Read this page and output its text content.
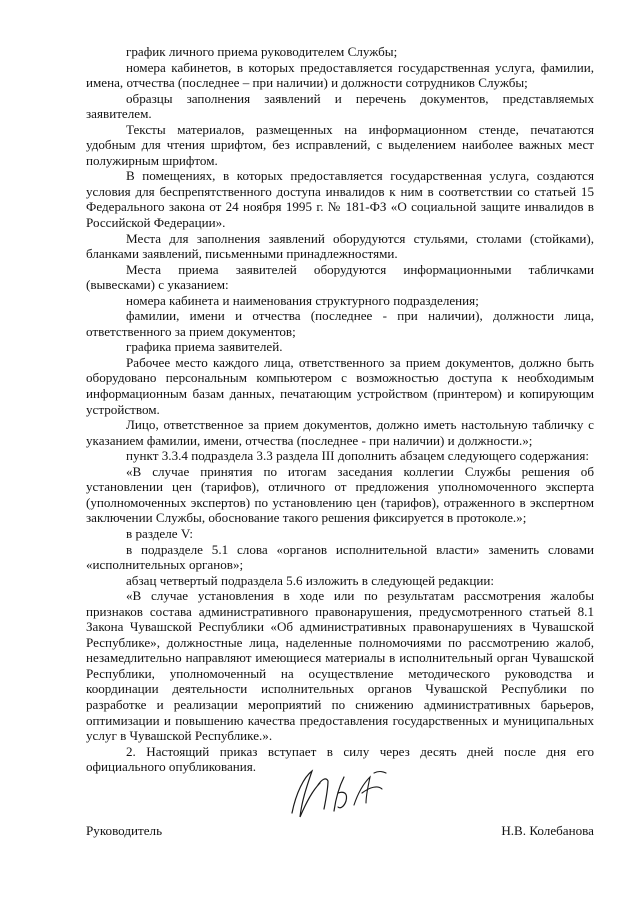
график личного приема руководителем Службы;

номера кабинетов, в которых предоставляется государственная услуга, фамилии, имена, отчества (последнее – при наличии) и должности сотрудников Службы;

образцы заполнения заявлений и перечень документов, представляемых заявителем.

Тексты материалов, размещенных на информационном стенде, печатаются удобным для чтения шрифтом, без исправлений, с выделением наиболее важных мест полужирным шрифтом.

В помещениях, в которых предоставляется государственная услуга, создаются условия для беспрепятственного доступа инвалидов к ним в соответствии со статьей 15 Федерального закона от 24 ноября 1995 г. № 181-ФЗ «О социальной защите инвалидов в Российской Федерации».

Места для заполнения заявлений оборудуются стульями, столами (стойками), бланками заявлений, письменными принадлежностями.

Места приема заявителей оборудуются информационными табличками (вывесками) с указанием:

номера кабинета и наименования структурного подразделения;

фамилии, имени и отчества (последнее - при наличии), должности лица, ответственного за прием документов;

графика приема заявителей.

Рабочее место каждого лица, ответственного за прием документов, должно быть оборудовано персональным компьютером с возможностью доступа к необходимым информационным базам данных, печатающим устройством (принтером) и копирующим устройством.

Лицо, ответственное за прием документов, должно иметь настольную табличку с указанием фамилии, имени, отчества (последнее - при наличии) и должности.»;

пункт 3.3.4 подраздела 3.3 раздела III дополнить абзацем следующего содержания:

«В случае принятия по итогам заседания коллегии Службы решения об установлении цен (тарифов), отличного от предложения уполномоченного эксперта (уполномоченных экспертов) по установлению цен (тарифов), отраженного в экспертном заключении Службы, обоснование такого решения фиксируется в протоколе.»;

в разделе V:

в подразделе 5.1 слова «органов исполнительной власти» заменить словами «исполнительных органов»;

абзац четвертый подраздела 5.6 изложить в следующей редакции:

«В случае установления в ходе или по результатам рассмотрения жалобы признаков состава административного правонарушения, предусмотренного статьей 8.1 Закона Чувашской Республики «Об административных правонарушениях в Чувашской Республике», должностные лица, наделенные полномочиями по рассмотрению жалоб, незамедлительно направляют имеющиеся материалы в исполнительный орган Чувашской Республики, уполномоченный на осуществление методического руководства и координации деятельности исполнительных органов Чувашской Республики по разработке и реализации мероприятий по снижению административных барьеров, оптимизации и повышению качества предоставления государственных и муниципальных услуг в Чувашской Республике.».

2. Настоящий приказ вступает в силу через десять дней после дня его официального опубликования.

Руководитель	Н.В. Колебанова
